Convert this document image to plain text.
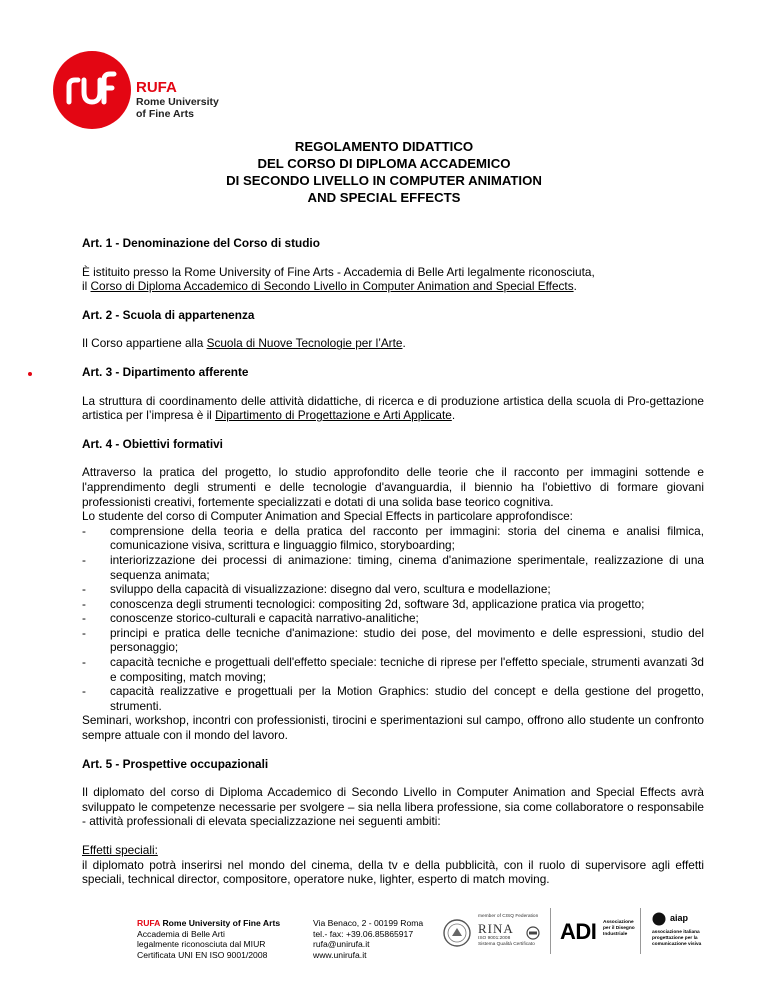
RUFA
Rome University
of Fine Arts
REGOLAMENTO DIDATTICO
DEL CORSO DI DIPLOMA ACCADEMICO
DI SECONDO LIVELLO IN COMPUTER ANIMATION
AND SPECIAL EFFECTS
Art. 1 - Denominazione del Corso di studio
È istituito presso la Rome University of Fine Arts - Accademia di Belle Arti legalmente riconosciuta,
il Corso di Diploma Accademico di Secondo Livello in Computer Animation and Special Effects.
Art. 2 - Scuola di appartenenza
Il Corso appartiene alla Scuola di Nuove Tecnologie per l’Arte.
Art. 3 - Dipartimento afferente
La struttura di coordinamento delle attività didattiche, di ricerca e di produzione artistica della scuola di Pro-gettazione artistica per l’impresa è il Dipartimento di Progettazione e Arti Applicate.
Art. 4 - Obiettivi formativi
Attraverso la pratica del progetto, lo studio approfondito delle teorie che il racconto per immagini sottende e l'apprendimento degli strumenti e delle tecnologie d'avanguardia, il biennio ha l'obiettivo di formare giovani professionisti creativi, fortemente specializzati e dotati di una solida base teorico cognitiva.
Lo studente del corso di Computer Animation and Special Effects in particolare approfondisce:
- comprensione della teoria e della pratica del racconto per immagini: storia del cinema e analisi filmica, comunicazione visiva, scrittura e linguaggio filmico, storyboarding;
- interiorizzazione dei processi di animazione: timing, cinema d'animazione sperimentale, realizzazione di una sequenza animata;
- sviluppo della capacità di visualizzazione: disegno dal vero, scultura e modellazione;
- conoscenza degli strumenti tecnologici: compositing 2d, software 3d, applicazione pratica via progetto;
- conoscenze storico-culturali e capacità narrativo-analitiche;
- principi e pratica delle tecniche d'animazione: studio dei pose, del movimento e delle espressioni, studio del personaggio;
- capacità tecniche e progettuali dell'effetto speciale: tecniche di riprese per l'effetto speciale, strumenti avanzati 3d e compositing, match moving;
- capacità realizzative e progettuali per la Motion Graphics: studio del concept e della gestione del progetto, strumenti.
Seminari, workshop, incontri con professionisti, tirocini e sperimentazioni sul campo, offrono allo studente un confronto sempre attuale con il mondo del lavoro.
Art. 5 - Prospettive occupazionali
Il diplomato del corso di Diploma Accademico di Secondo Livello in Computer Animation and Special Effects avrà sviluppato le competenze necessarie per svolgere – sia nella libera professione, sia come collaboratore o responsabile - attività professionali di elevata specializzazione nei seguenti ambiti:
Effetti speciali:
il diplomato potrà inserirsi nel mondo del cinema, della tv e della pubblicità, con il ruolo di supervisore agli effetti speciali, technical director, compositore, operatore nuke, lighter, esperto di match moving.
RUFA Rome University of Fine Arts
Accademia di Belle Arti
legalmente riconosciuta dal MIUR
Certificata UNI EN ISO 9001/2008
Via Benaco, 2 - 00199 Roma
tel.- fax: +39.06.85865917
rufa@unirufa.it
www.unirufa.it
member of CISQ Federation
RINA
ISO 9001:2008
Sistema Qualità Certificato
ADI Associazione
per il Disegno
Industriale
aiap
associazione italiana
progettazione per la
comunicazione visiva
